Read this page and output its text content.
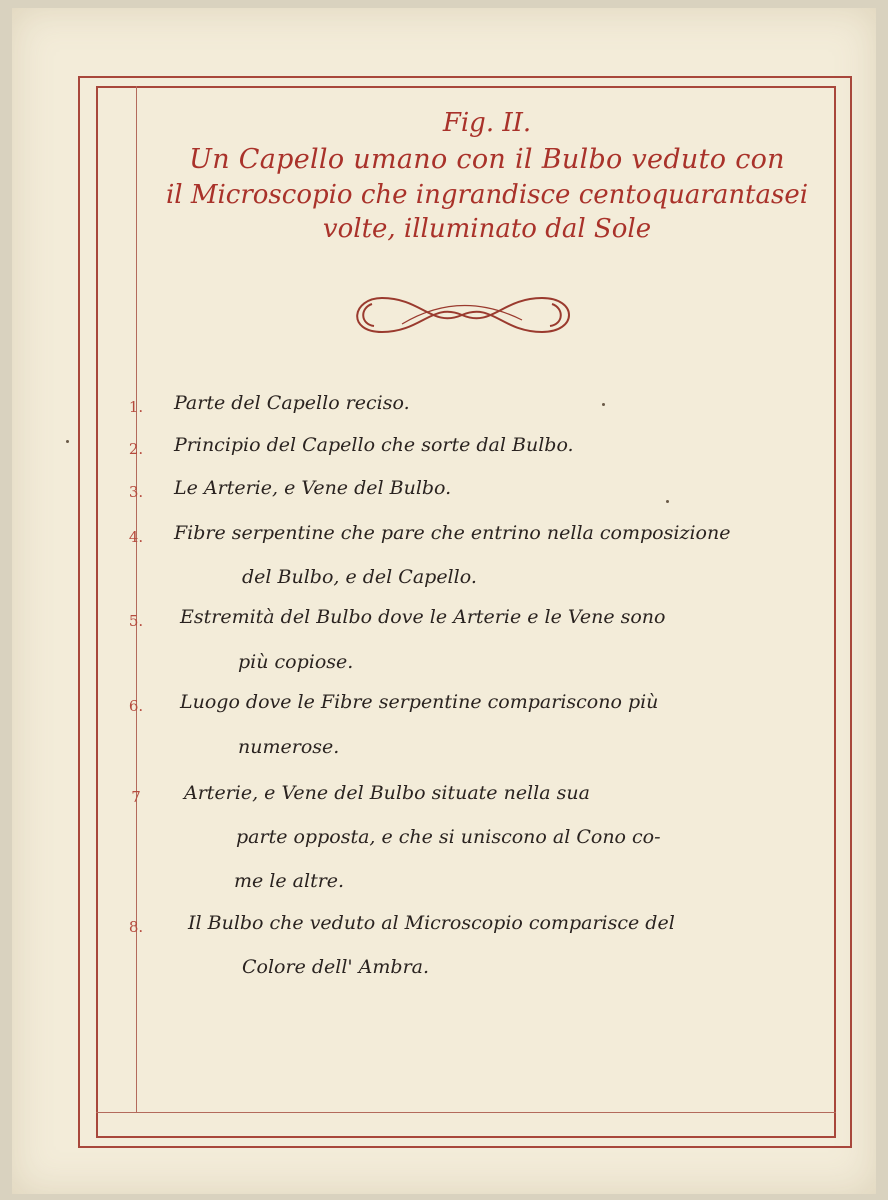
Fig. II.
Un Capello umano con il Bulbo veduto con
il Microscopio che ingrandisce centoquarantasei
volte, illuminato dal Sole
1. Parte del Capello reciso.
2. Principio del Capello che sorte dal Bulbo.
3. Le Arterie, e Vene del Bulbo.
4. Fibre serpentine che pare che entrino nella composizione
del Bulbo, e del Capello.
5. Estremità del Bulbo dove le Arterie e le Vene sono
più copiose.
6. Luogo dove le Fibre serpentine compariscono più
numerose.
7	Arterie, e Vene del Bulbo situate nella sua
parte opposta, e che si uniscono al Cono co-
me le altre.
8. Il Bulbo che veduto al Microscopio comparisce del
Colore dell' Ambra.
